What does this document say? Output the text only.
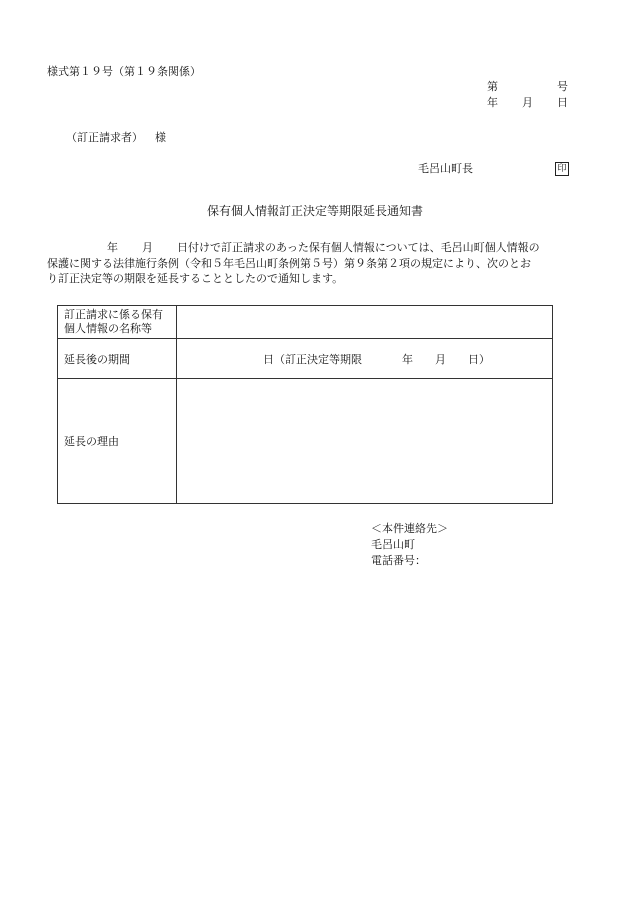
様式第１９号（第１９条関係）
第	号
年 月 日
（訂正請求者） 様
毛呂山町長	印
保有個人情報訂正決定等期限延長通知書
年 月 日付けで訂正請求のあった保有個人情報については、毛呂山町個人情報の
保護に関する法律施行条例（令和５年毛呂山町条例第５号）第９条第２項の規定により、次のとお
り訂正決定等の期限を延長することとしたので通知します。
訂正請求に係る保有
個人情報の名称等	

延長後の期間	日（訂正決定等期限 年 月 日）
延長の理由	
＜本件連絡先＞
毛呂山町
電話番号：
